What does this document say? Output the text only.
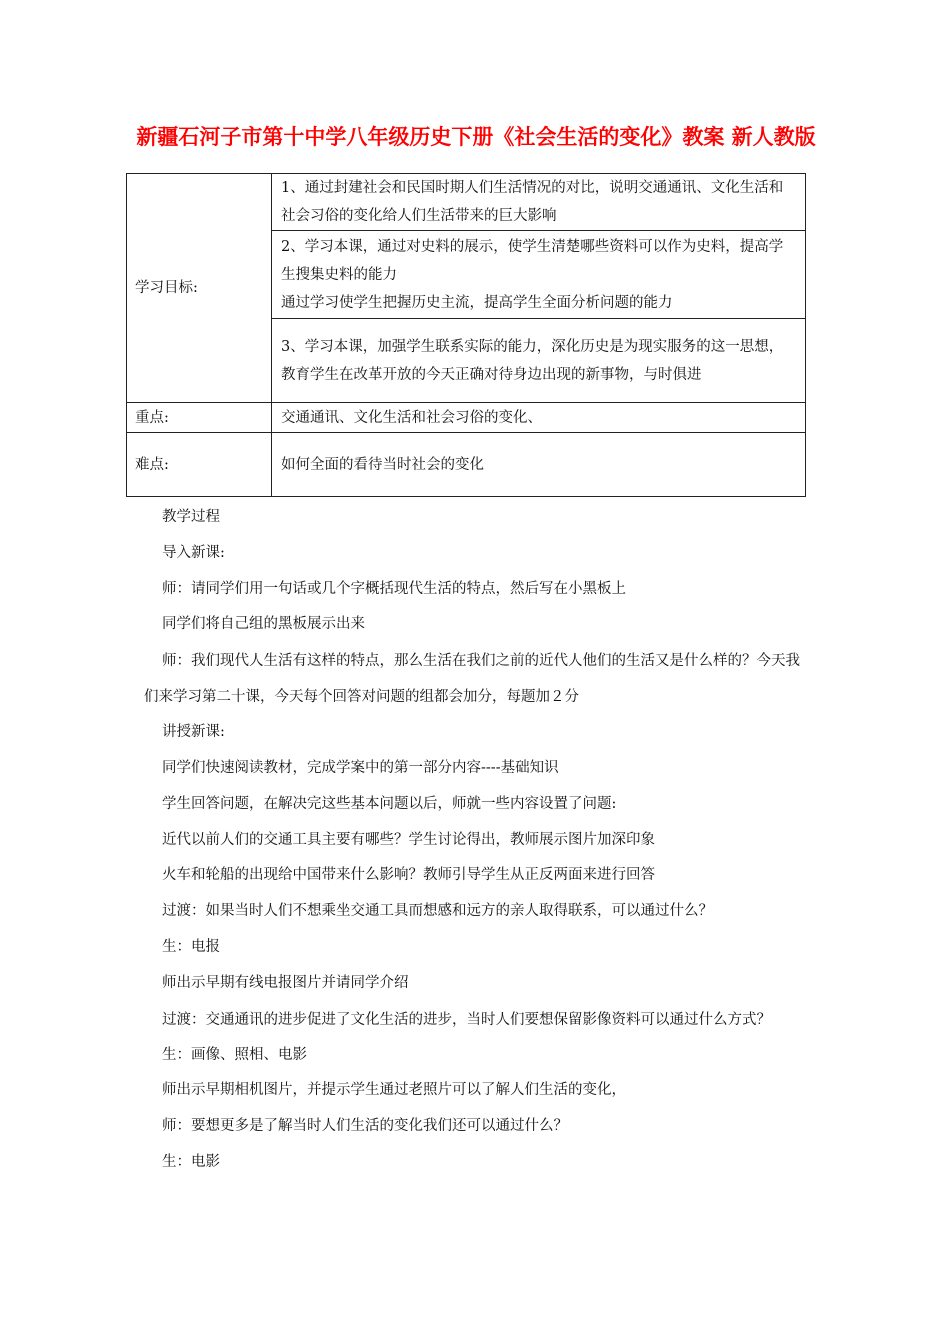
新疆石河子市第十中学八年级历史下册《社会生活的变化》教案 新人教版
学习目标:	1、通过封建社会和民国时期人们生活情况的对比，说明交通通讯、文化生活和社会习俗的变化给人们生活带来的巨大影响

	2、学习本课，通过对史料的展示，使学生清楚哪些资料可以作为史料，提高学生搜集史料的能力
通过学习使学生把握历史主流，提高学生全面分析问题的能力

	3、学习本课，加强学生联系实际的能力，深化历史是为现实服务的这一思想，教育学生在改革开放的今天正确对待身边出现的新事物，与时俱进
重点:	交通通讯、文化生活和社会习俗的变化、
难点:	如何全面的看待当时社会的变化

教学过程

导入新课:

师：请同学们用一句话或几个字概括现代生活的特点，然后写在小黑板上

同学们将自己组的黑板展示出来

师：我们现代人生活有这样的特点，那么生活在我们之前的近代人他们的生活又是什么样的？今天我们来学习第二十课，今天每个回答对问题的组都会加分，每题加２分

讲授新课:

同学们快速阅读教材，完成学案中的第一部分内容----基础知识

学生回答问题，在解决完这些基本问题以后，师就一些内容设置了问题:

近代以前人们的交通工具主要有哪些？学生讨论得出，教师展示图片加深印象

火车和轮船的出现给中国带来什么影响？教师引导学生从正反两面来进行回答

过渡：如果当时人们不想乘坐交通工具而想感和远方的亲人取得联系，可以通过什么？

生：电报

师出示早期有线电报图片并请同学介绍

过渡：交通通讯的进步促进了文化生活的进步，当时人们要想保留影像资料可以通过什么方式？

生：画像、照相、电影

师出示早期相机图片，并提示学生通过老照片可以了解人们生活的变化，

师：要想更多是了解当时人们生活的变化我们还可以通过什么？

生：电影
